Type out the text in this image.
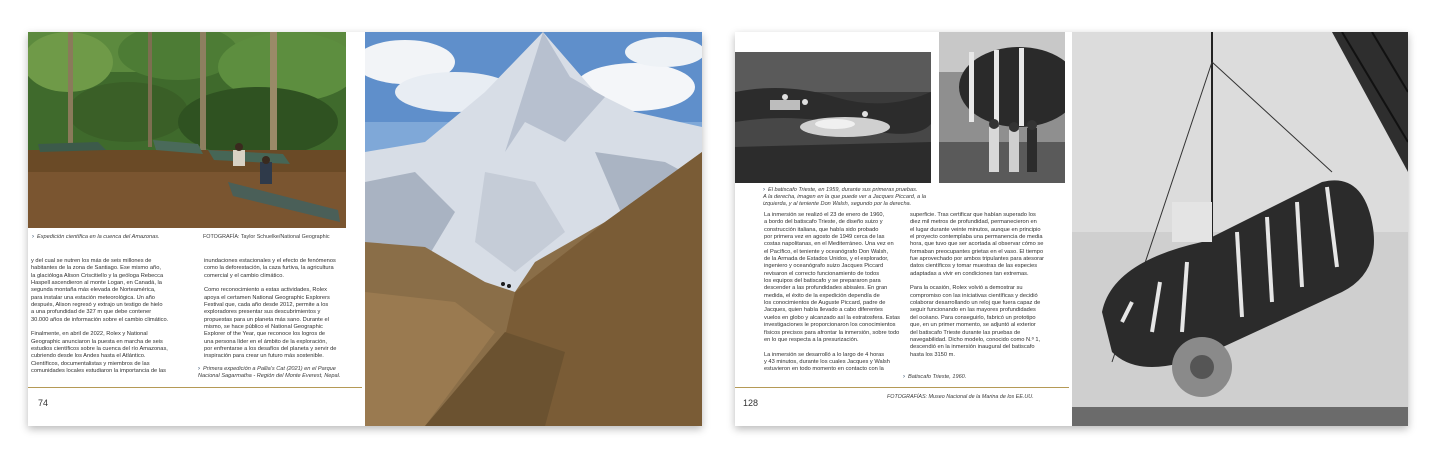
› Expedición científica en la cuenca del Amazonas.	FOTOGRAFÍA: Taylor Schuelke/National Geographic
y del cual se nutren los más de seis millones de
habitantes de la zona de Santiago. Ese mismo año,
la glacióloga Alison Criscitiello y la geóloga Rebecca
Haspell ascendieron al monte Logan, en Canadá, la
segunda montaña más elevada de Norteamérica,
para instalar una estación meteorológica. Un año
después, Alison regresó y extrajo un testigo de hielo
a una profundidad de 327 m que debe contener
30.000 años de información sobre el cambio climático.

Finalmente, en abril de 2022, Rolex y National
Geographic anunciaron la puesta en marcha de seis
estudios científicos sobre la cuenca del río Amazonas,
cubriendo desde los Andes hasta el Atlántico.
Científicos, documentalistas y miembros de las
comunidades locales estudiaron la importancia de las
inundaciones estacionales y el efecto de fenómenos
como la deforestación, la caza furtiva, la agricultura
comercial y el cambio climático.

Como reconocimiento a estas actividades, Rolex
apoya el certamen National Geographic Explorers
Festival que, cada año desde 2012, permite a los
exploradores presentar sus descubrimientos y
propuestas para un planeta más sano. Durante el
mismo, se hace público el National Geographic
Explorer of the Year, que reconoce los logros de
una persona líder en el ámbito de la exploración,
por enfrentarse a los desafíos del planeta y servir de
inspiración para crear un futuro más sostenible.
› Primera expedición a Pallia's Cat (2021) en el Parque
Nacional Sagarmatha - Región del Monte Everest, Nepal.
74
› El batiscafo Trieste, en 1959, durante sus primeras pruebas.
A la derecha, imagen en la que puede ver a Jacques Piccard, a la
izquierda, y al teniente Don Walsh, segundo por la derecha.
La inmersión se realizó el 23 de enero de 1960,
a bordo del batiscafo Trieste, de diseño suizo y
construcción italiana, que había sido probado
por primera vez en agosto de 1949 cerca de las
costas napolitanas, en el Mediterráneo. Una vez en
el Pacífico, el teniente y oceanógrafo Don Walsh,
de la Armada de Estados Unidos, y el explorador,
ingeniero y oceanógrafo suizo Jacques Piccard
revisaron el correcto funcionamiento de todos
los equipos del batiscafo y se prepararon para
descender a las profundidades abisales. En gran
medida, el éxito de la expedición dependía de
los conocimientos de Auguste Piccard, padre de
Jacques, quien había llevado a cabo diferentes
vuelos en globo y alcanzado así la estratosfera. Estas
investigaciones le proporcionaron los conocimientos
físicos precisos para afrontar la inmersión, sobre todo
en lo que respecta a la presurización.

La inmersión se desarrolló a lo largo de 4 horas
y 43 minutos, durante los cuales Jacques y Walsh
estuvieron en todo momento en contacto con la
superficie. Tras certificar que habían superado los
diez mil metros de profundidad, permanecieron en
el lugar durante veinte minutos, aunque en principio
el proyecto contemplaba una permanencia de media
hora, que tuvo que ser acortada al observar cómo se
formaban preocupantes grietas en el vaso. El tiempo
fue aprovechado por ambos tripulantes para atesorar
datos científicos y tomar muestras de las especies
adaptadas a vivir en condiciones tan extremas.

Para la ocasión, Rolex volvió a demostrar su
compromiso con las iniciativas científicas y decidió
colaborar desarrollando un reloj que fuera capaz de
seguir funcionando en las mayores profundidades
del océano. Para conseguirlo, fabricó un prototipo
que, en un primer momento, se adjuntó al exterior
del batiscafo Trieste durante las pruebas de
navegabilidad. Dicho modelo, conocido como N.º 1,
descendió en la inmersión inaugural del batiscafo
hasta los 3150 m.
› Batiscafo Trieste, 1960.
128
FOTOGRAFÍAS: Museo Nacional de la Marina de los EE.UU.
